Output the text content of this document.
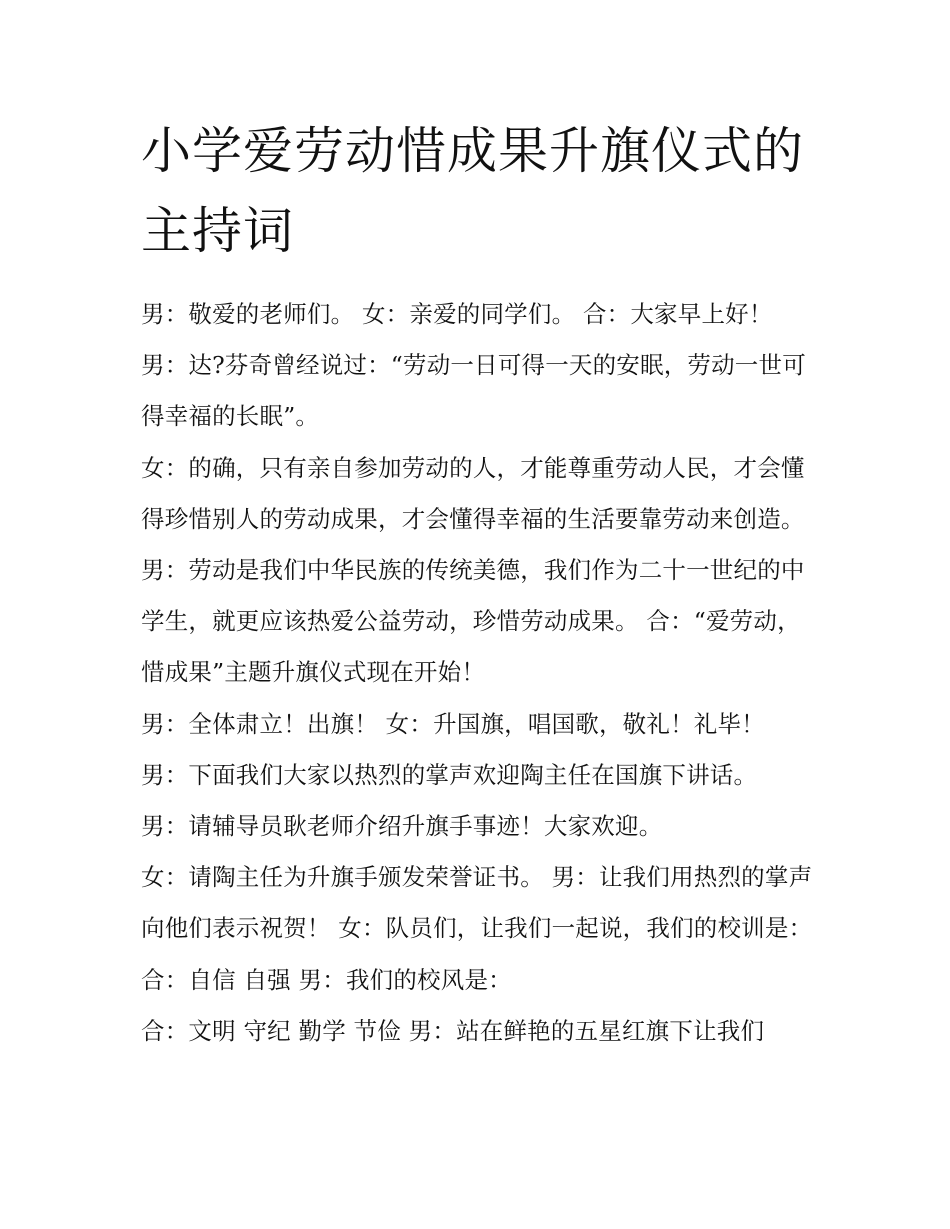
小学爱劳动惜成果升旗仪式的主持词

男：敬爱的老师们。 女：亲爱的同学们。 合：大家早上好！

男：达?芬奇曾经说过：“劳动一日可得一天的安眠，劳动一世可得幸福的长眠”。

女：的确，只有亲自参加劳动的人，才能尊重劳动人民，才会懂得珍惜别人的劳动成果，才会懂得幸福的生活要靠劳动来创造。

男：劳动是我们中华民族的传统美德，我们作为二十一世纪的中学生，就更应该热爱公益劳动，珍惜劳动成果。 合：“爱劳动，惜成果”主题升旗仪式现在开始！

男：全体肃立！出旗！ 女：升国旗，唱国歌，敬礼！礼毕！

男：下面我们大家以热烈的掌声欢迎陶主任在国旗下讲话。

男：请辅导员耿老师介绍升旗手事迹！大家欢迎。

女：请陶主任为升旗手颁发荣誉证书。 男：让我们用热烈的掌声向他们表示祝贺！ 女：队员们，让我们一起说，我们的校训是： 合：自信 自强 男：我们的校风是：

合：文明 守纪 勤学 节俭 男：站在鲜艳的五星红旗下让我们
